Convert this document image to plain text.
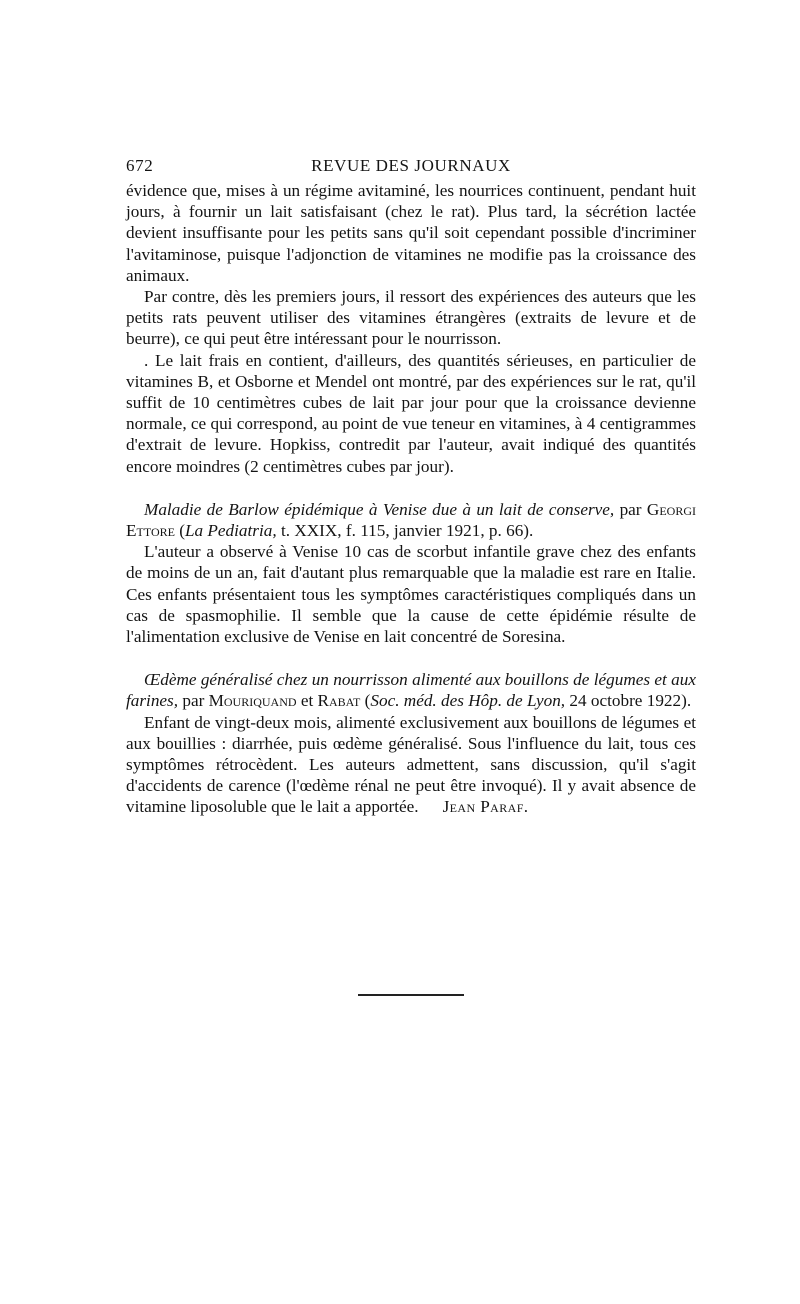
672	REVUE DES JOURNAUX

évidence que, mises à un régime avitaminé, les nourrices continuent, pendant huit jours, à fournir un lait satisfaisant (chez le rat). Plus tard, la sécrétion lactée devient insuffisante pour les petits sans qu'il soit cependant possible d'incriminer l'avitaminose, puisque l'adjonction de vitamines ne modifie pas la croissance des animaux.

Par contre, dès les premiers jours, il ressort des expériences des auteurs que les petits rats peuvent utiliser des vitamines étrangères (extraits de levure et de beurre), ce qui peut être intéressant pour le nourrisson.

. Le lait frais en contient, d'ailleurs, des quantités sérieuses, en particulier de vitamines B, et Osborne et Mendel ont montré, par des expériences sur le rat, qu'il suffit de 10 centimètres cubes de lait par jour pour que la croissance devienne normale, ce qui correspond, au point de vue teneur en vitamines, à 4 centigrammes d'extrait de levure. Hopkiss, contredit par l'auteur, avait indiqué des quantités encore moindres (2 centimètres cubes par jour).

Maladie de Barlow épidémique à Venise due à un lait de conserve, par Georgi Ettore (La Pediatria, t. XXIX, f. 115, janvier 1921, p. 66).

L'auteur a observé à Venise 10 cas de scorbut infantile grave chez des enfants de moins de un an, fait d'autant plus remarquable que la maladie est rare en Italie. Ces enfants présentaient tous les symptômes caractéristiques compliqués dans un cas de spasmophilie. Il semble que la cause de cette épidémie résulte de l'alimentation exclusive de Venise en lait concentré de Soresina.

Œdème généralisé chez un nourrisson alimenté aux bouillons de légumes et aux farines, par Mouriquand et Rabat (Soc. méd. des Hôp. de Lyon, 24 octobre 1922).

Enfant de vingt-deux mois, alimenté exclusivement aux bouillons de légumes et aux bouillies : diarrhée, puis œdème généralisé. Sous l'influence du lait, tous ces symptômes rétrocèdent. Les auteurs admettent, sans discussion, qu'il s'agit d'accidents de carence (l'œdème rénal ne peut être invoqué). Il y avait absence de vitamine liposoluble que le lait a apportée. Jean Paraf.
